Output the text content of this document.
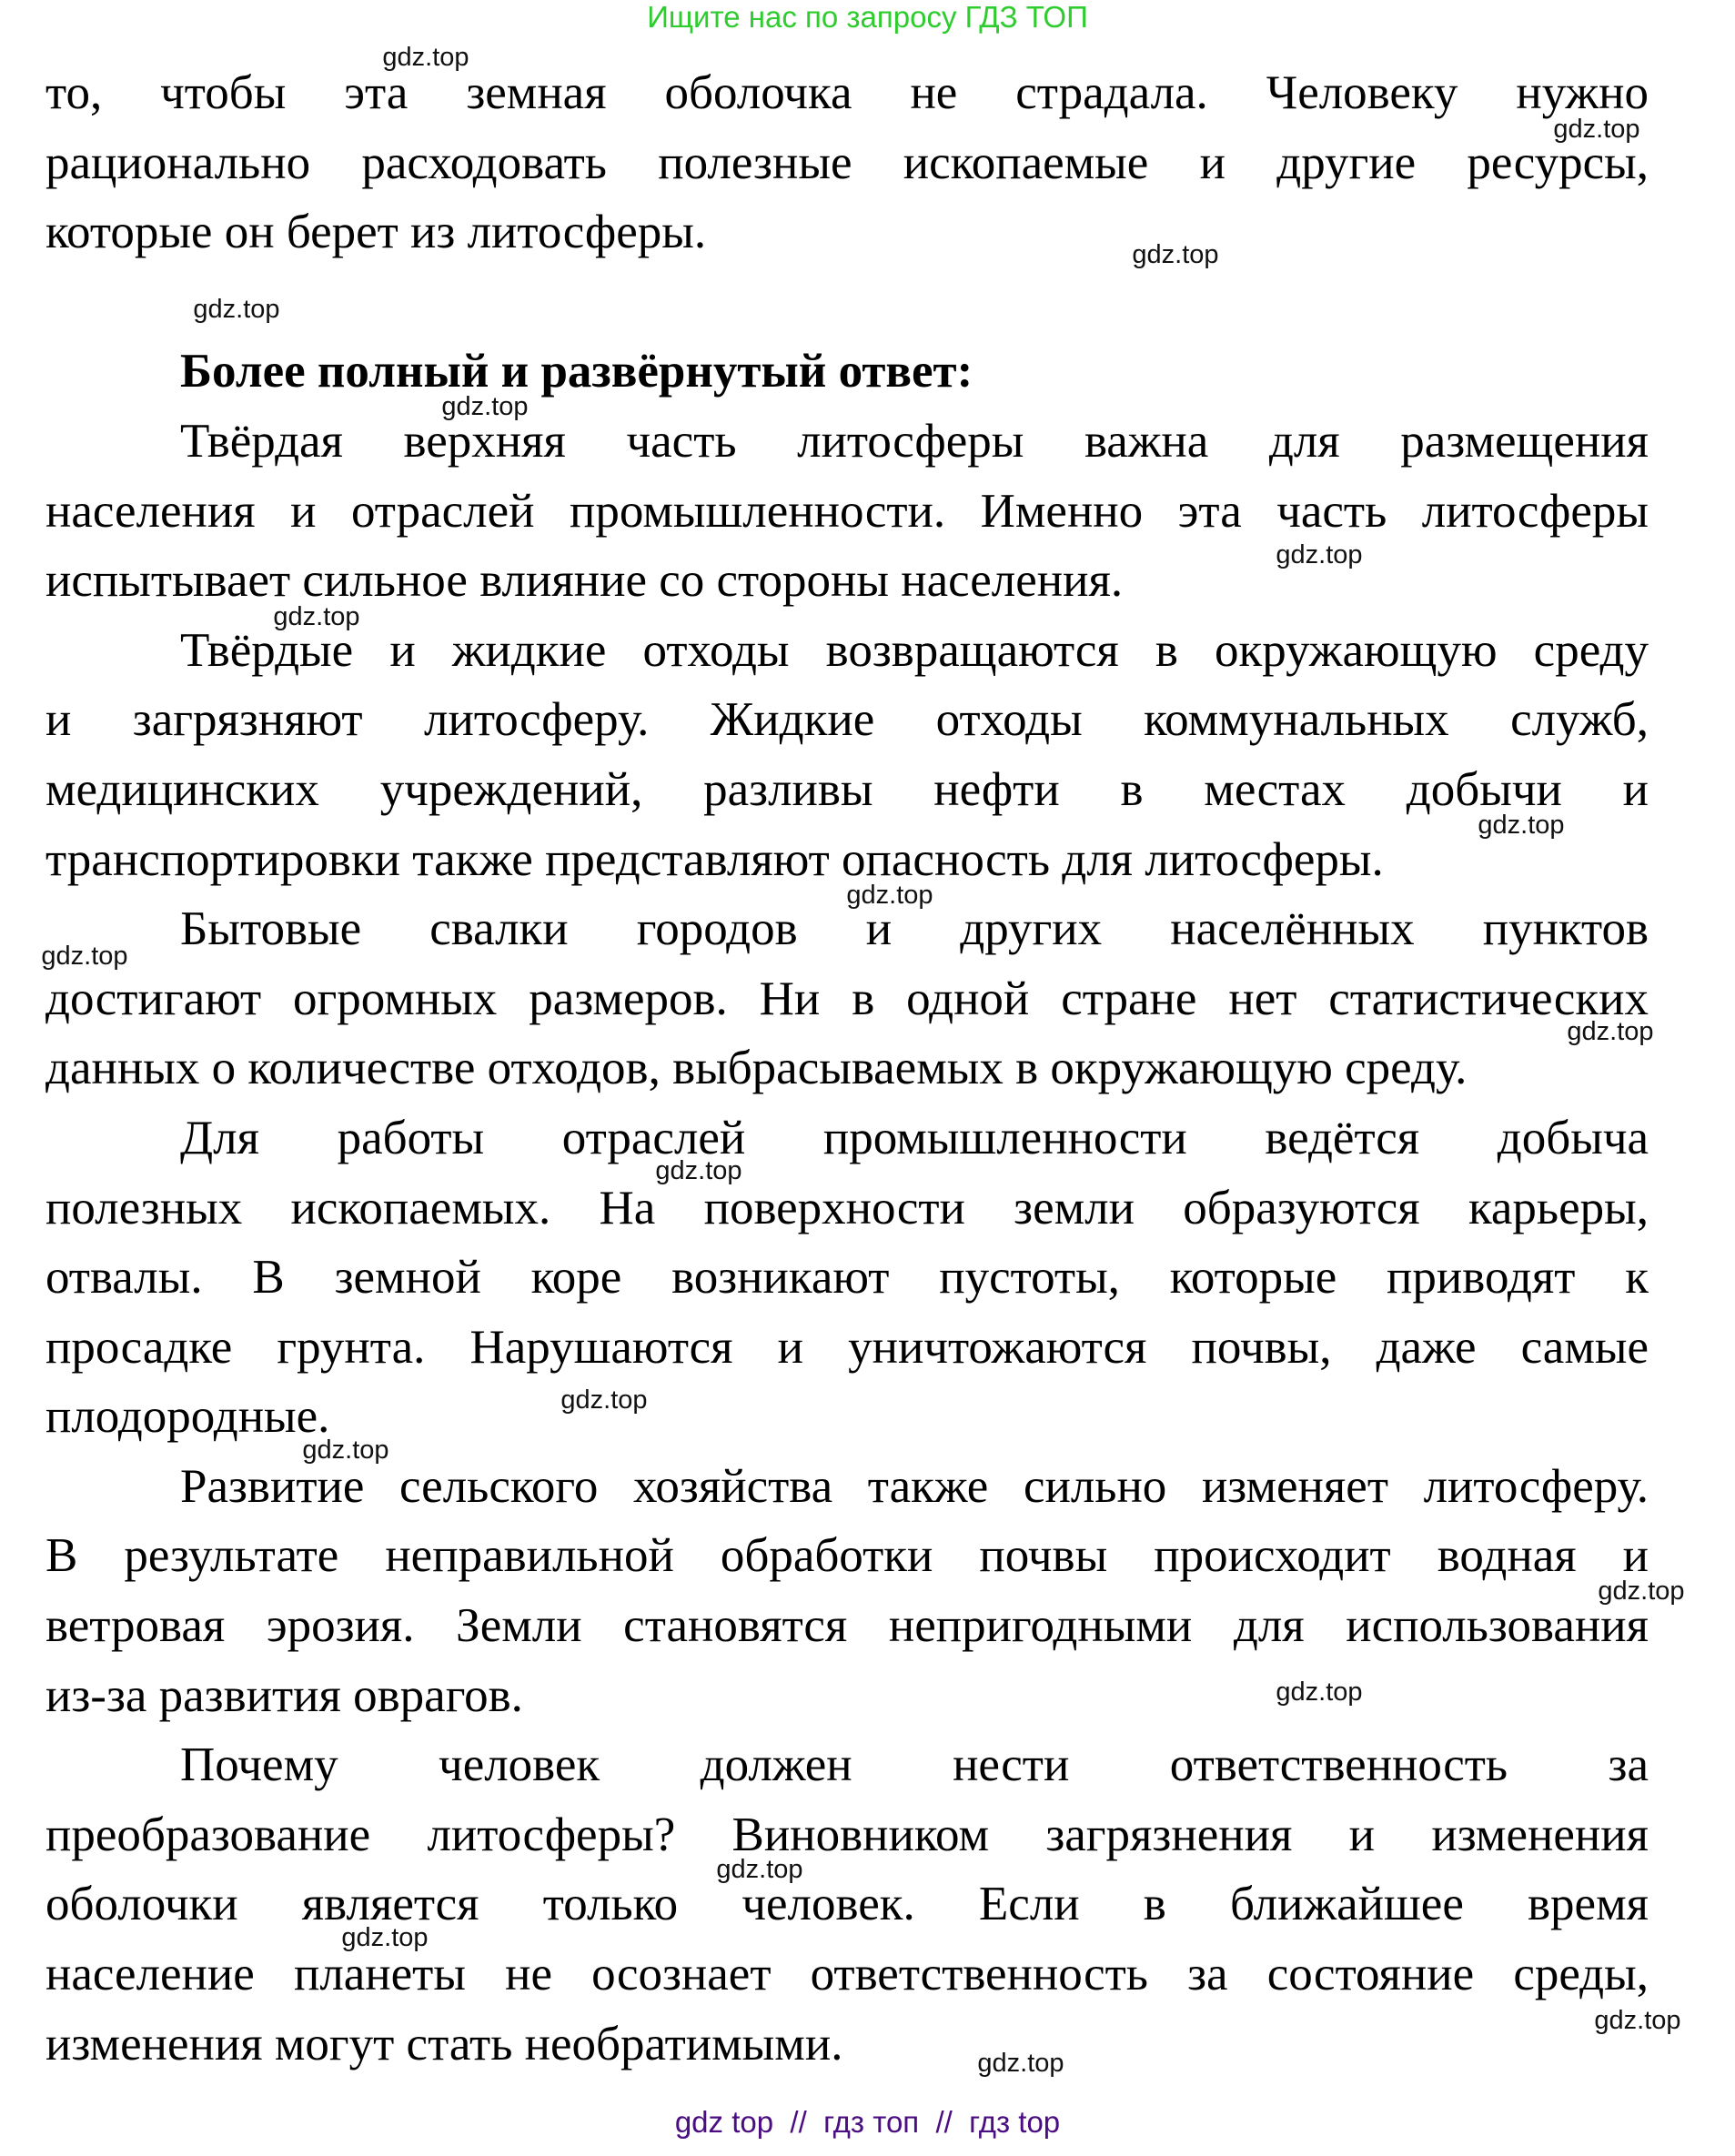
Ищите нас по запросу ГДЗ ТОП
то, чтобы эта земная оболочка не страдала. Человеку нужно
рационально расходовать полезные ископаемые и другие ресурсы,
которые он берет из литосферы.
Более полный и развёрнутый ответ:
Твёрдая верхняя часть литосферы важна для размещения
населения и отраслей промышленности. Именно эта часть литосферы
испытывает сильное влияние со стороны населения.
Твёрдые и жидкие отходы возвращаются в окружающую среду
и загрязняют литосферу. Жидкие отходы коммунальных служб,
медицинских учреждений, разливы нефти в местах добычи и
транспортировки также представляют опасность для литосферы.
Бытовые свалки городов и других населённых пунктов
достигают огромных размеров. Ни в одной стране нет статистических
данных о количестве отходов, выбрасываемых в окружающую среду.
Для работы отраслей промышленности ведётся добыча
полезных ископаемых. На поверхности земли образуются карьеры,
отвалы. В земной коре возникают пустоты, которые приводят к
просадке грунта. Нарушаются и уничтожаются почвы, даже самые
плодородные.
Развитие сельского хозяйства также сильно изменяет литосферу.
В результате неправильной обработки почвы происходит водная и
ветровая эрозия. Земли становятся непригодными для использования
из-за развития оврагов.
Почему человек должен нести ответственность за
преобразование литосферы? Виновником загрязнения и изменения
оболочки является только человек. Если в ближайшее время
население планеты не осознает ответственность за состояние среды,
изменения могут стать необратимыми.
gdz.top
gdz.top
gdz.top
gdz.top
gdz.top
gdz.top
gdz.top
gdz.top
gdz.top
gdz.top
gdz.top
gdz.top
gdz.top
gdz.top
gdz.top
gdz.top
gdz.top
gdz.top
gdz.top
gdz.top
gdz top  //  гдз топ  //  гдз top
